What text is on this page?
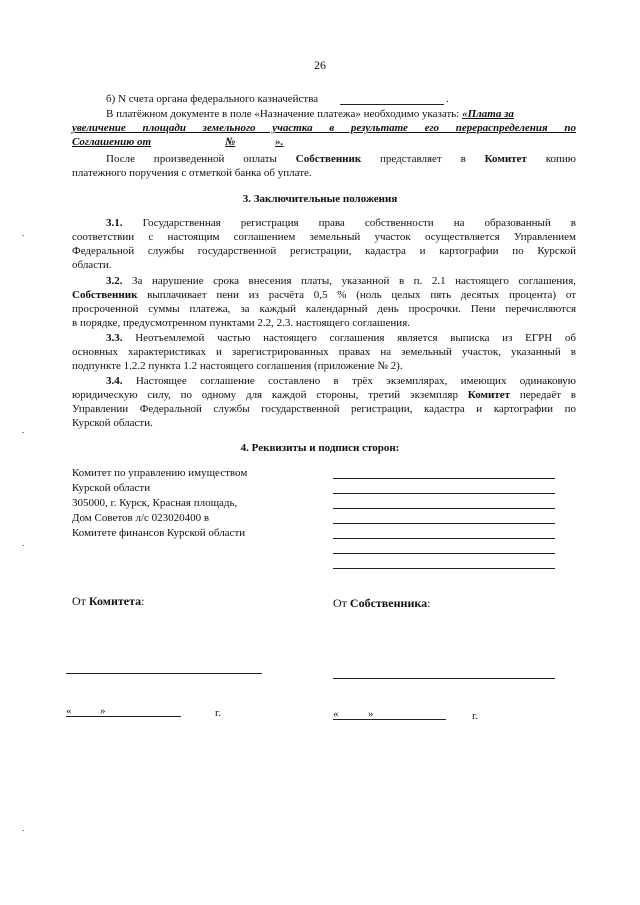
26
б) N счета органа федерального казначейства	.
В платёжном документе в поле «Назначение платежа» необходимо указать: «Плата за
увеличение площади земельного участка в результате его перераспределения по
Соглашению от	№	».
После произведенной оплаты Собственник представляет в Комитет копию
платежного поручения с отметкой банка об уплате.
3. Заключительные положения
3.1. Государственная регистрация права собственности на образованный в
соответствии с настоящим соглашением земельный участок осуществляется Управлением
Федеральной службы государственной регистрации, кадастра и картографии по Курской
области.
3.2. За нарушение срока внесения платы, указанной в п. 2.1 настоящего соглашения,
Собственник выплачивает пени из расчёта 0,5 % (ноль целых пять десятых процента) от
просроченной суммы платежа, за каждый календарный день просрочки. Пени перечисляются
в порядке, предусмотренном пунктами 2.2, 2.3. настоящего соглашения.
3.3. Неотъемлемой частью настоящего соглашения является выписка из ЕГРН об
основных характеристиках и зарегистрированных правах на земельный участок, указанный в
подпункте 1.2.2 пункта 1.2 настоящего соглашения (приложение № 2).
3.4. Настоящее соглашение составлено в трёх экземплярах, имеющих одинаковую
юридическую силу, по одному для каждой стороны, третий экземпляр Комитет передаёт в
Управлении Федеральной службы государственной регистрации, кадастра и картографии по
Курской области.
4. Реквизиты и подписи сторон:
Комитет по управлению имуществом
Курской области
305000, г. Курск, Красная площадь,
Дом Советов л/с 023020400 в
Комитете финансов Курской области
От Комитета:	От Собственника:
«	»	г.	«	»	г.
